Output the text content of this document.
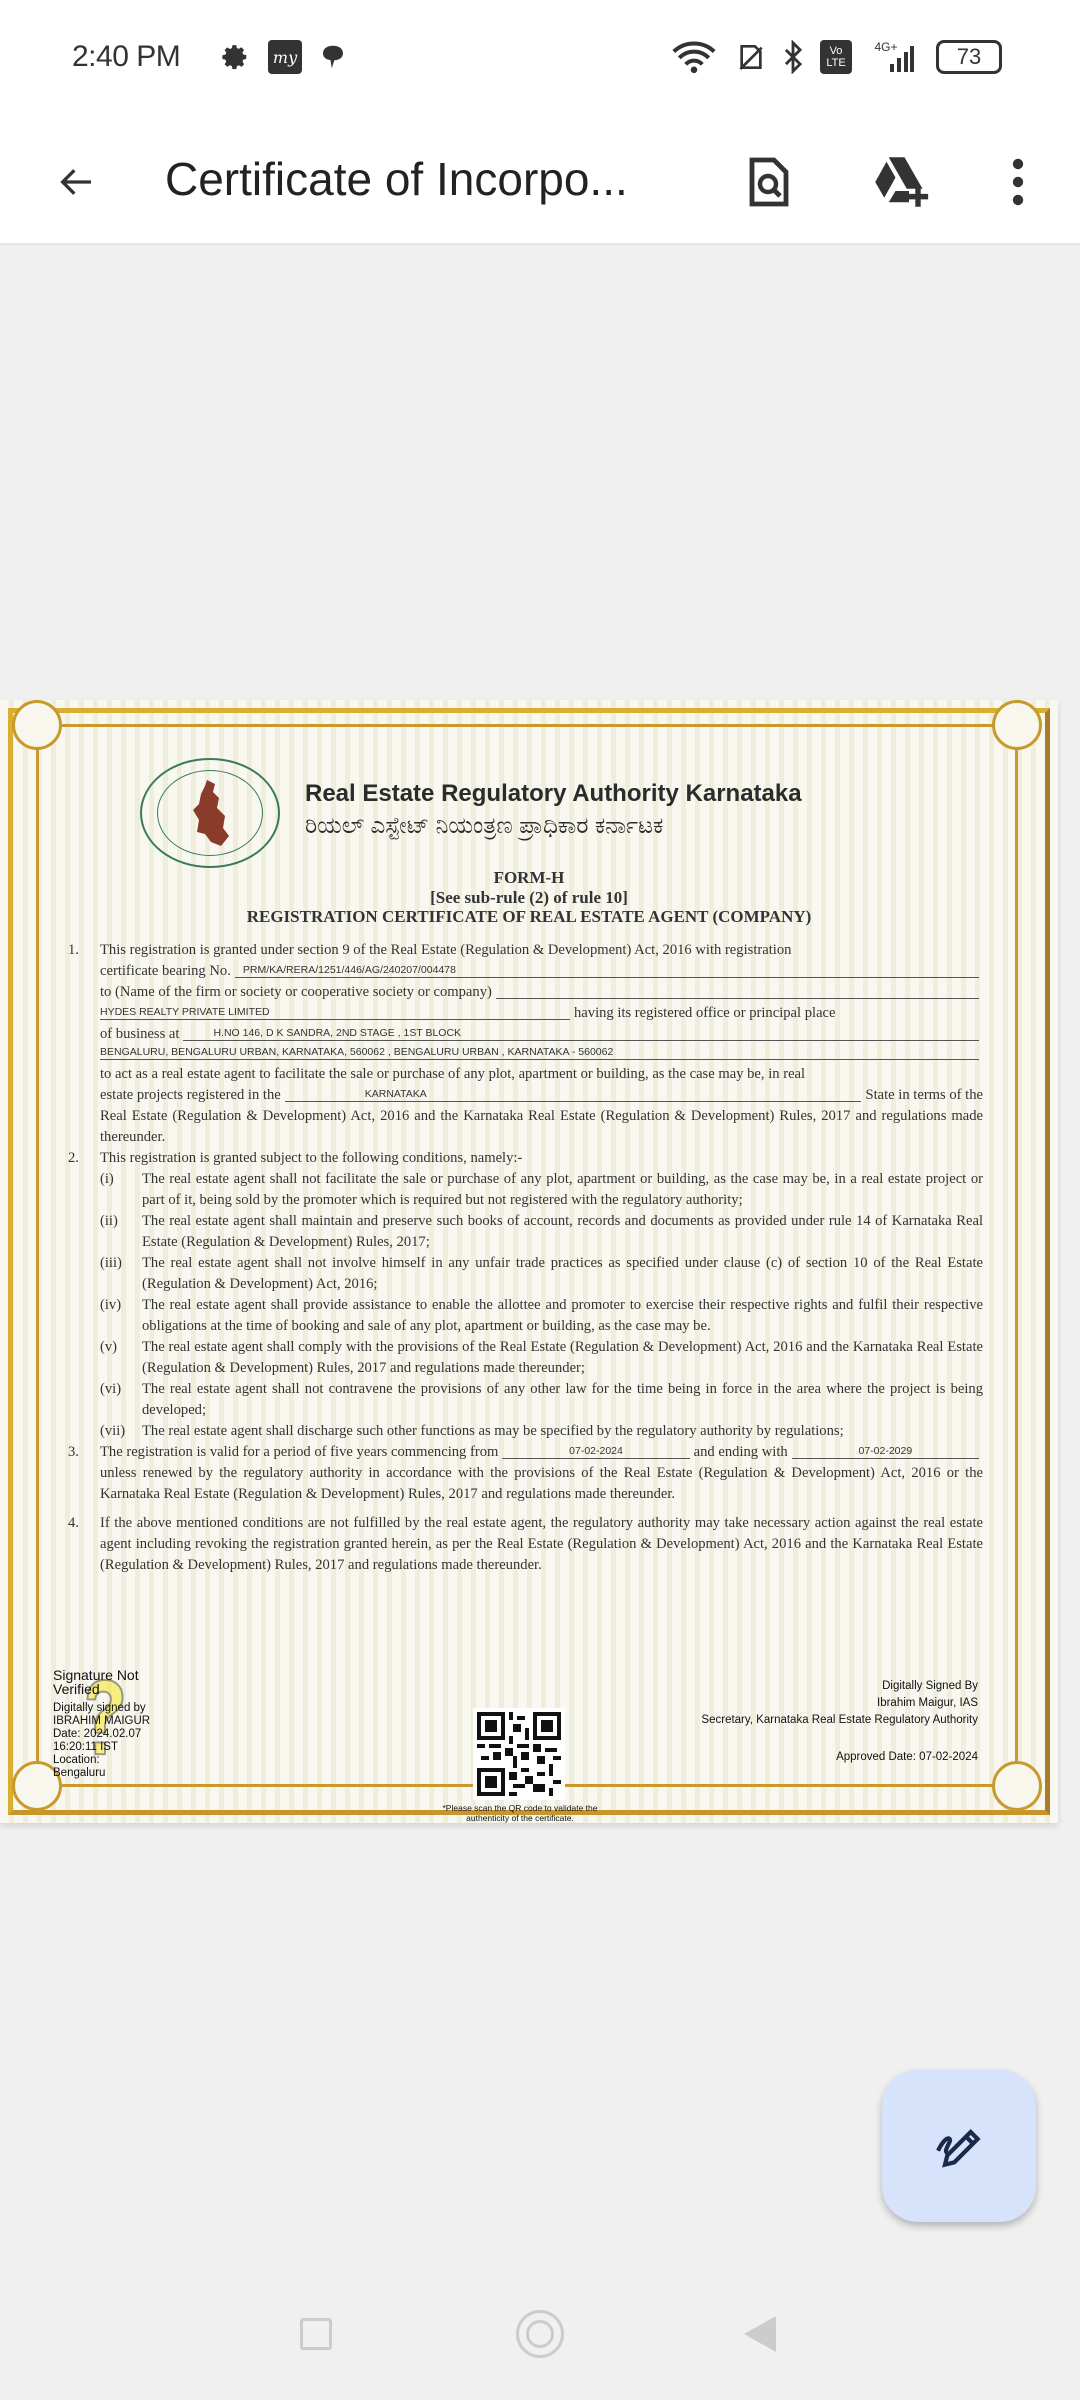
2:40 PM	my	Vo LTE
4G+	73
Certificate of Incorpo...
Real Estate Regulatory Authority Karnataka
ರಿಯಲ್ ಎಸ್ಟೇಟ್ ನಿಯಂತ್ರಣ ಪ್ರಾಧಿಕಾರ ಕರ್ನಾಟಕ
FORM-H
[See sub-rule (2) of rule 10]
REGISTRATION CERTIFICATE OF REAL ESTATE AGENT (COMPANY)
1.	This registration is granted under section 9 of the Real Estate (Regulation & Development) Act, 2016 with registration
certificate bearing No.	PRM/KA/RERA/1251/446/AG/240207/004478
to (Name of the firm or society or cooperative society or company)
HYDES REALTY PRIVATE LIMITED	having its registered office or principal place
of business at	H.NO 146, D K SANDRA, 2ND STAGE , 1ST BLOCK
BENGALURU, BENGALURU URBAN, KARNATAKA, 560062 , BENGALURU URBAN , KARNATAKA - 560062
to act as a real estate agent to facilitate the sale or purchase of any plot, apartment or building, as the case may be, in real
estate projects registered in the	KARNATAKA	State in terms of the
Real Estate (Regulation & Development) Act, 2016 and the Karnataka Real Estate (Regulation & Development) Rules, 2017 and regulations made thereunder.
2.	This registration is granted subject to the following conditions, namely:-
(i)	The real estate agent shall not facilitate the sale or purchase of any plot, apartment or building, as the case may be, in a real estate project or part of it, being sold by the promoter which is required but not registered with the regulatory authority;
(ii)	The real estate agent shall maintain and preserve such books of account, records and documents as provided under rule 14 of Karnataka Real Estate (Regulation & Development) Rules, 2017;
(iii)	The real estate agent shall not involve himself in any unfair trade practices as specified under clause (c) of section 10 of the Real Estate (Regulation & Development) Act, 2016;
(iv)	The real estate agent shall provide assistance to enable the allottee and promoter to exercise their respective rights and fulfil their respective obligations at the time of booking and sale of any plot, apartment or building, as the case may be.
(v)	The real estate agent shall comply with the provisions of the Real Estate (Regulation & Development) Act, 2016 and the Karnataka Real Estate (Regulation & Development) Rules, 2017 and regulations made thereunder;
(vi)	The real estate agent shall not contravene the provisions of any other law for the time being in force in the area where the project is being developed;
(vii)	The real estate agent shall discharge such other functions as may be specified by the regulatory authority by regulations;
3.	The registration is valid for a period of five years commencing from	07-02-2024	and ending with	07-02-2029
unless renewed by the regulatory authority in accordance with the provisions of the Real Estate (Regulation & Development) Act, 2016 or the Karnataka Real Estate (Regulation & Development) Rules, 2017 and regulations made thereunder.
4.	If the above mentioned conditions are not fulfilled by the real estate agent, the regulatory authority may take necessary action against the real estate agent including revoking the registration granted herein, as per the Real Estate (Regulation & Development) Act, 2016 and the Karnataka Real Estate (Regulation & Development) Rules, 2017 and regulations made thereunder.
Signature Not Verified
Digitally signed by
IBRAHIM MAIGUR
Date: 2024.02.07
16:20:11 IST
Location:
Bengaluru
*Please scan the QR code to validate the authenticity of the certificate.
Digitally Signed By
Ibrahim Maigur, IAS
Secretary, Karnataka Real Estate Regulatory Authority
Approved Date: 07-02-2024
